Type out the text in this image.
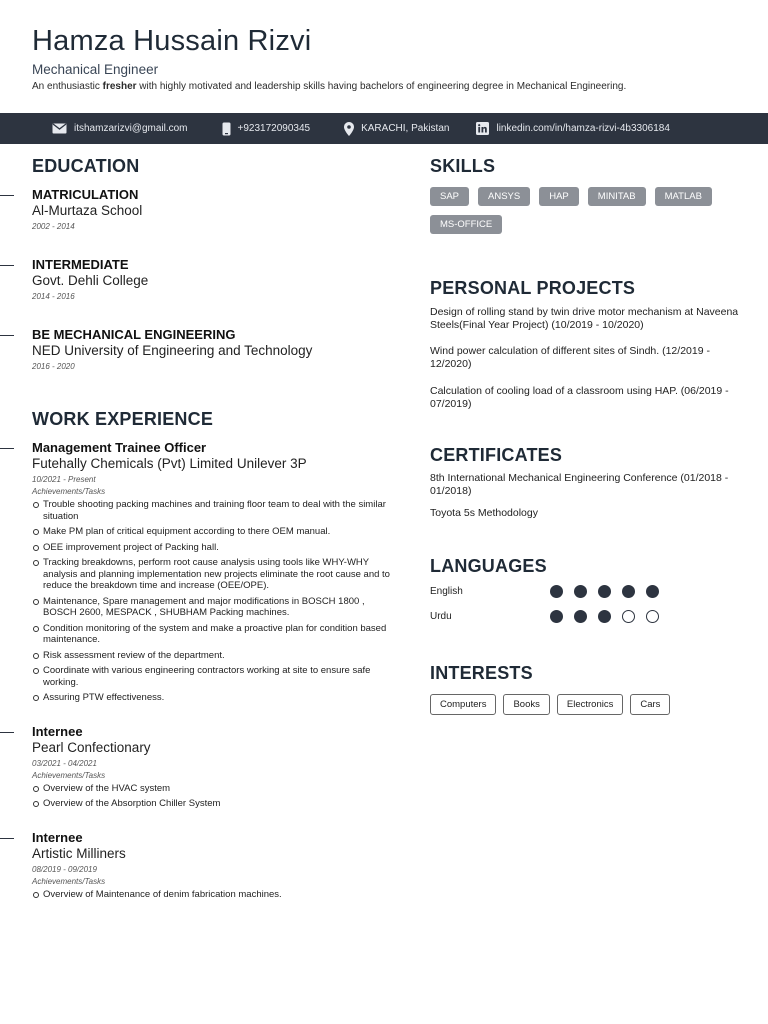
Hamza Hussain Rizvi
Mechanical Engineer
An enthusiastic fresher with highly motivated and leadership skills having bachelors of engineering degree in Mechanical Engineering.
itshamzarizvi@gmail.com	+923172090345	KARACHI, Pakistan	linkedin.com/in/hamza-rizvi-4b3306184
EDUCATION
MATRICULATION
Al-Murtaza School
2002 - 2014
INTERMEDIATE
Govt. Dehli College
2014 - 2016
BE MECHANICAL ENGINEERING
NED University of Engineering and Technology
2016 - 2020
WORK EXPERIENCE
Management Trainee Officer
Futehally Chemicals (Pvt) Limited Unilever 3P
10/2021 - Present
Achievements/Tasks
Trouble shooting packing machines and training floor team to deal with the similar situation
Make PM plan of critical equipment according to there OEM manual.
OEE improvement project of Packing hall.
Tracking breakdowns, perform root cause analysis using tools like WHY-WHY analysis and planning implementation new projects eliminate the root cause and to reduce the breakdown time and increase (OEE/OPE).
Maintenance, Spare management and major modifications in BOSCH 1800 , BOSCH 2600, MESPACK , SHUBHAM Packing machines.
Condition monitoring of the system and make a proactive plan for condition based maintenance.
Risk assessment review of the department.
Coordinate with various engineering contractors working at site to ensure safe working.
Assuring PTW effectiveness.
Internee
Pearl Confectionary
03/2021 - 04/2021
Achievements/Tasks
Overview of the HVAC system
Overview of the Absorption Chiller System
Internee
Artistic Milliners
08/2019 - 09/2019
Achievements/Tasks
Overview of Maintenance of denim fabrication machines.
SKILLS
SAP	ANSYS	HAP	MINITAB	MATLAB
MS-OFFICE
PERSONAL PROJECTS
Design of rolling stand by twin drive motor mechanism at Naveena Steels(Final Year Project) (10/2019 - 10/2020)
Wind power calculation of different sites of Sindh. (12/2019 - 12/2020)
Calculation of cooling load of a classroom using HAP. (06/2019 - 07/2019)
CERTIFICATES
8th International Mechanical Engineering Conference (01/2018 - 01/2018)
Toyota 5s Methodology
LANGUAGES
English
Urdu
INTERESTS
Computers	Books	Electronics	Cars
